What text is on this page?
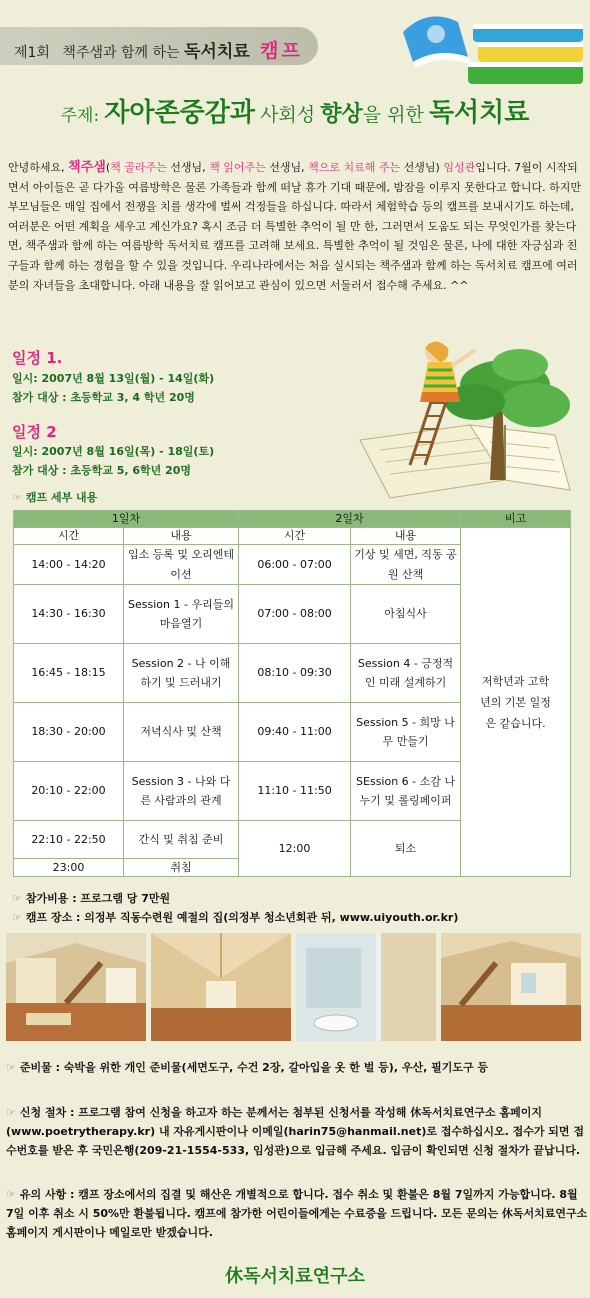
제1회 책주샘과 함께 하는 독서치료 캠프
주제: 자아존중감과 사회성 향상을 위한 독서치료
안녕하세요, 책주샘(책 골라주는 선생님, 책 읽어주는 선생님, 책으로 치료해 주는 선생님) 임성관입니다. 7월이 시작되면서 아이들은 곧 다가올 여름방학은 물론 가족들과 함께 떠날 휴가 기대 때문에, 밤잠을 이루지 못한다고 합니다. 하지만 부모님들은 매일 집에서 전쟁을 치를 생각에 벌써 걱정들을 하십니다. 따라서 체험학습 등의 캠프를 보내시기도 하는데, 여러분은 어떤 계획을 세우고 계신가요? 혹시 조금 더 특별한 추억이 될 만 한, 그러면서 도움도 되는 무엇인가를 찾는다면, 책주샘과 함께 하는 여름방학 독서치료 캠프를 고려해 보세요. 특별한 추억이 될 것임은 물론, 나에 대한 자긍심과 친구들과 함께 하는 경험을 할 수 있을 것입니다. 우리나라에서는 처음 실시되는 책주샘과 함께 하는 독서치료 캠프에 여러분의 자녀들을 초대합니다. 아래 내용을 잘 읽어보고 관심이 있으면 서둘러서 접수해 주세요. ^^
일정 1.
일시: 2007년 8월 13일(월) - 14일(화)
참가 대상 : 초등학교 3, 4 학년 20명
일정 2
일시: 2007년 8월 16일(목) - 18일(토)
참가 대상 : 초등학교 5, 6학년 20명
☞ 캠프 세부 내용
1일차		2일차		비고
시간	내용	시간	내용	저학년과 고학년의 기본 일정은 같습니다.
14:00 - 14:20	입소 등록 및 오리엔테이션	06:00 - 07:00	기상 및 세면, 직동 공원 산책	
14:30 - 16:30	Session 1 - 우리들의 마음열기	07:00 - 08:00	아침식사	
16:45 - 18:15	Session 2 - 나 이해하기 및 드러내기	08:10 - 09:30	Session 4 - 긍정적인 미래 설계하기	
18:30 - 20:00	저녁식사 및 산책	09:40 - 11:00	Session 5 - 희망 나무 만들기	
20:10 - 22:00	Session 3 - 나와 다른 사람과의 관계	11:10 - 11:50	SEssion 6 - 소감 나누기 및 롤링페이퍼	
22:10 - 22:50	간식 및 취침 준비	12:00	퇴소	
23:00	취침			
☞ 참가비용 : 프로그램 당 7만원
☞ 캠프 장소 : 의정부 직동수련원 예절의 집(의정부 청소년회관 뒤, www.uiyouth.or.kr)
☞ 준비물 : 숙박을 위한 개인 준비물(세면도구, 수건 2장, 갈아입을 옷 한 벌 등), 우산, 필기도구 등
☞ 신청 절차 : 프로그램 참여 신청을 하고자 하는 분께서는 첨부된 신청서를 작성해 休독서치료연구소 홈페이지(www.poetrytherapy.kr) 내 자유게시판이나 이메일(harin75@hanmail.net)로 접수하십시오. 접수가 되면 접수번호를 받은 후 국민은행(209-21-1554-533, 임성관)으로 입금해 주세요. 입금이 확인되면 신청 절차가 끝납니다.
☞ 유의 사항 : 캠프 장소에서의 집결 및 해산은 개별적으로 합니다. 접수 취소 및 환불은 8월 7일까지 가능합니다. 8월 7일 이후 취소 시 50%만 환불됩니다. 캠프에 참가한 어린이들에게는 수료증을 드립니다. 모든 문의는 休독서치료연구소 홈페이지 게시판이나 메일로만 받겠습니다.
休독서치료연구소
